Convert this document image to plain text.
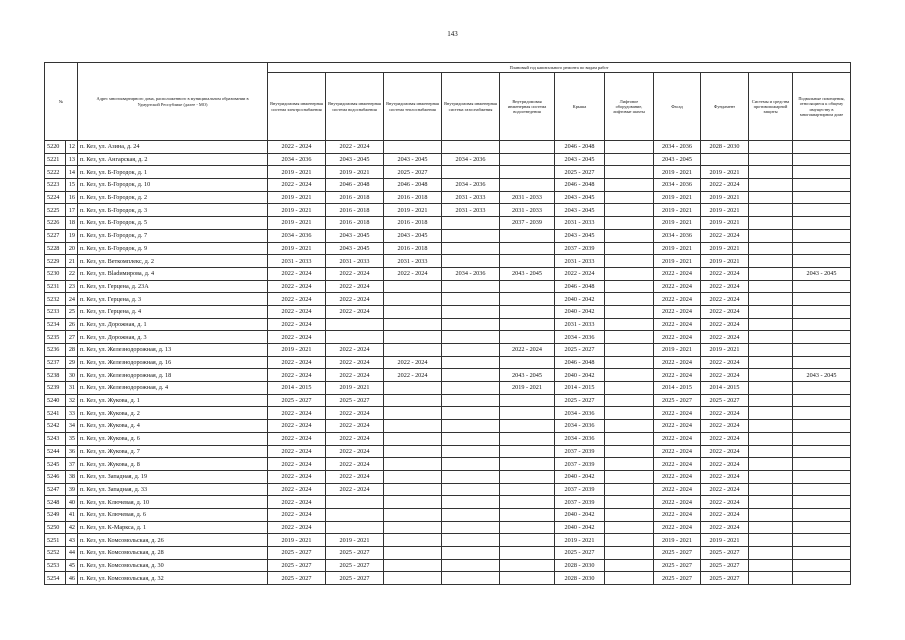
143
№		Адрес многоквартирного дома, расположенного в муниципальном образовании в Удмуртской Республике (далее - МО)	Плановый год капитального ремонта по видам работ										
			Внутридомовая инженерная система электроснабжения	Внутридомовая инженерная система водоснабжения	Внутридомовая инженерная система теплоснабжения	Внутридомовая инженерная система газоснабжения	Внутридомовая инженерная система водоотведения	Крыша	Лифтовое оборудование, лифтовые шахты	Фасад	Фундамент	Системы и средства противопожарной защиты	Подвальные помещения, относящиеся к общему имуществу в многоквартирном доме
5220	12	п. Кез, ул. Азина, д. 24	2022 - 2024	2022 - 2024				2046 - 2048		2034 - 2036	2028 - 2030		
5221	13	п. Кез, ул. Ангарская, д. 2	2034 - 2036	2043 - 2045	2043 - 2045	2034 - 2036		2043 - 2045		2043 - 2045			
5222	14	п. Кез, ул. Б-Городок, д. 1	2019 - 2021	2019 - 2021	2025 - 2027			2025 - 2027		2019 - 2021	2019 - 2021		
5223	15	п. Кез, ул. Б-Городок, д. 10	2022 - 2024	2046 - 2048	2046 - 2048	2034 - 2036		2046 - 2048		2034 - 2036	2022 - 2024		
5224	16	п. Кез, ул. Б-Городок, д. 2	2019 - 2021	2016 - 2018	2016 - 2018	2031 - 2033	2031 - 2033	2043 - 2045		2019 - 2021	2019 - 2021		
5225	17	п. Кез, ул. Б-Городок, д. 3	2019 - 2021	2016 - 2018	2019 - 2021	2031 - 2033	2031 - 2033	2043 - 2045		2019 - 2021	2019 - 2021		
5226	18	п. Кез, ул. Б-Городок, д. 5	2019 - 2021	2016 - 2018	2016 - 2018		2037 - 2039	2031 - 2033		2019 - 2021	2019 - 2021		
5227	19	п. Кез, ул. Б-Городок, д. 7	2034 - 2036	2043 - 2045	2043 - 2045			2043 - 2045		2034 - 2036	2022 - 2024		
5228	20	п. Кез, ул. Б-Городок, д. 9	2019 - 2021	2043 - 2045	2016 - 2018			2037 - 2039		2019 - 2021	2019 - 2021		
5229	21	п. Кез, ул. Веткомплекс, д. 2	2031 - 2033	2031 - 2033	2031 - 2033			2031 - 2033		2019 - 2021	2019 - 2021		
5230	22	п. Кез, ул. Вladимирова, д. 4	2022 - 2024	2022 - 2024	2022 - 2024	2034 - 2036	2043 - 2045	2022 - 2024		2022 - 2024	2022 - 2024		2043 - 2045
5231	23	п. Кез, ул. Герцена, д. 23А	2022 - 2024	2022 - 2024				2046 - 2048		2022 - 2024	2022 - 2024		
5232	24	п. Кез, ул. Герцена, д. 3	2022 - 2024	2022 - 2024				2040 - 2042		2022 - 2024	2022 - 2024		
5233	25	п. Кез, ул. Герцена, д. 4	2022 - 2024	2022 - 2024				2040 - 2042		2022 - 2024	2022 - 2024		
5234	26	п. Кез, ул. Дорожная, д. 1	2022 - 2024					2031 - 2033		2022 - 2024	2022 - 2024		
5235	27	п. Кез, ул. Дорожная, д. 3	2022 - 2024					2034 - 2036		2022 - 2024	2022 - 2024		
5236	28	п. Кез, ул. Железнодорожная, д. 13	2019 - 2021	2022 - 2024			2022 - 2024	2025 - 2027		2019 - 2021	2019 - 2021		
5237	29	п. Кез, ул. Железнодорожная, д. 16	2022 - 2024	2022 - 2024	2022 - 2024			2046 - 2048		2022 - 2024	2022 - 2024		
5238	30	п. Кез, ул. Железнодорожная, д. 18	2022 - 2024	2022 - 2024	2022 - 2024		2043 - 2045	2040 - 2042		2022 - 2024	2022 - 2024		2043 - 2045
5239	31	п. Кез, ул. Железнодорожная, д. 4	2014 - 2015	2019 - 2021			2019 - 2021	2014 - 2015		2014 - 2015	2014 - 2015		
5240	32	п. Кез, ул. Жукова, д. 1	2025 - 2027	2025 - 2027				2025 - 2027		2025 - 2027	2025 - 2027		
5241	33	п. Кез, ул. Жукова, д. 2	2022 - 2024	2022 - 2024				2034 - 2036		2022 - 2024	2022 - 2024		
5242	34	п. Кез, ул. Жукова, д. 4	2022 - 2024	2022 - 2024				2034 - 2036		2022 - 2024	2022 - 2024		
5243	35	п. Кез, ул. Жукова, д. 6	2022 - 2024	2022 - 2024				2034 - 2036		2022 - 2024	2022 - 2024		
5244	36	п. Кез, ул. Жукова, д. 7	2022 - 2024	2022 - 2024				2037 - 2039		2022 - 2024	2022 - 2024		
5245	37	п. Кез, ул. Жукова, д. 8	2022 - 2024	2022 - 2024				2037 - 2039		2022 - 2024	2022 - 2024		
5246	38	п. Кез, ул. Западная, д. 19	2022 - 2024	2022 - 2024				2040 - 2042		2022 - 2024	2022 - 2024		
5247	39	п. Кез, ул. Западная, д. 33	2022 - 2024	2022 - 2024				2037 - 2039		2022 - 2024	2022 - 2024		
5248	40	п. Кез, ул. Ключевая, д. 10	2022 - 2024					2037 - 2039		2022 - 2024	2022 - 2024		
5249	41	п. Кез, ул. Ключевая, д. 6	2022 - 2024					2040 - 2042		2022 - 2024	2022 - 2024		
5250	42	п. Кез, ул. К-Маркса, д. 1	2022 - 2024					2040 - 2042		2022 - 2024	2022 - 2024		
5251	43	п. Кез, ул. Комсомольская, д. 26	2019 - 2021	2019 - 2021				2019 - 2021		2019 - 2021	2019 - 2021		
5252	44	п. Кез, ул. Комсомольская, д. 28	2025 - 2027	2025 - 2027				2025 - 2027		2025 - 2027	2025 - 2027		
5253	45	п. Кез, ул. Комсомольская, д. 30	2025 - 2027	2025 - 2027				2028 - 2030		2025 - 2027	2025 - 2027		
5254	46	п. Кез, ул. Комсомольская, д. 32	2025 - 2027	2025 - 2027				2028 - 2030		2025 - 2027	2025 - 2027		
